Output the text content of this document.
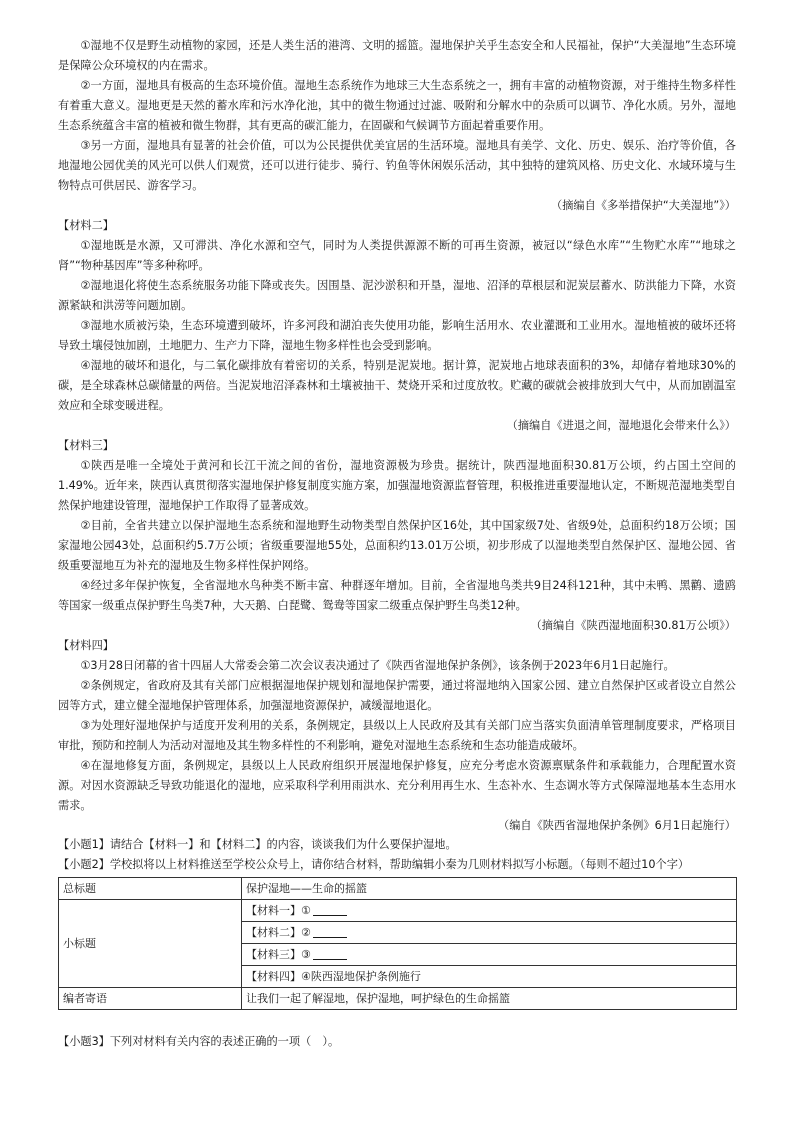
①湿地不仅是野生动植物的家园，还是人类生活的港湾、文明的摇篮。湿地保护关乎生态安全和人民福祉，保护“大美湿地”生态环境是保障公众环境权的内在需求。

②一方面，湿地具有极高的生态环境价值。湿地生态系统作为地球三大生态系统之一，拥有丰富的动植物资源，对于维持生物多样性有着重大意义。湿地更是天然的蓄水库和污水净化池，其中的微生物通过过滤、吸附和分解水中的杂质可以调节、净化水质。另外，湿地生态系统蕴含丰富的植被和微生物群，其有更高的碳汇能力，在固碳和气候调节方面起着重要作用。

③另一方面，湿地具有显著的社会价值，可以为公民提供优美宜居的生活环境。湿地具有美学、文化、历史、娱乐、治疗等价值，各地湿地公园优美的风光可以供人们观赏，还可以进行徒步、骑行、钓鱼等休闲娱乐活动，其中独特的建筑风格、历史文化、水域环境与生物特点可供居民、游客学习。

（摘编自《多举措保护“大美湿地”》）

【材料二】

①湿地既是水源，又可滞洪、净化水源和空气，同时为人类提供源源不断的可再生资源，被冠以“绿色水库”“生物贮水库”“地球之肾”“物种基因库”等多种称呼。

②湿地退化将使生态系统服务功能下降或丧失。因围垦、泥沙淤积和开垦，湿地、沼泽的草根层和泥炭层蓄水、防洪能力下降，水资源紧缺和洪涝等问题加剧。

③湿地水质被污染，生态环境遭到破坏，许多河段和湖泊丧失使用功能，影响生活用水、农业灌溉和工业用水。湿地植被的破坏还将导致土壤侵蚀加剧，土地肥力、生产力下降，湿地生物多样性也会受到影响。

④湿地的破坏和退化，与二氧化碳排放有着密切的关系，特别是泥炭地。据计算，泥炭地占地球表面积的3%，却储存着地球30%的碳，是全球森林总碳储量的两倍。当泥炭地沼泽森林和土壤被抽干、焚烧开采和过度放牧。贮藏的碳就会被排放到大气中，从而加剧温室效应和全球变暖进程。

（摘编自《进退之间，湿地退化会带来什么》）

【材料三】

①陕西是唯一全境处于黄河和长江干流之间的省份，湿地资源极为珍贵。据统计，陕西湿地面积30.81万公顷，约占国土空间的1.49%。近年来，陕西认真贯彻落实湿地保护修复制度实施方案，加强湿地资源监督管理，积极推进重要湿地认定，不断规范湿地类型自然保护地建设管理，湿地保护工作取得了显著成效。

②目前，全省共建立以保护湿地生态系统和湿地野生动物类型自然保护区16处，其中国家级7处、省级9处，总面积约18万公顷；国家湿地公园43处，总面积约5.7万公顷；省级重要湿地55处，总面积约13.01万公顷，初步形成了以湿地类型自然保护区、湿地公园、省级重要湿地互为补充的湿地及生物多样性保护网络。

④经过多年保护恢复，全省湿地水鸟种类不断丰富、种群逐年增加。目前，全省湿地鸟类共9目24科121种，其中未鸭、黑鹳、遗鸥等国家一级重点保护野生鸟类7种，大天鹅、白琵鹭、鸳鸯等国家二级重点保护野生鸟类12种。

（摘编自《陕西湿地面积30.81万公顷》）

【材料四】

①3月28日闭幕的省十四届人大常委会第二次会议表决通过了《陕西省湿地保护条例》，该条例于2023年6月1日起施行。

②条例规定，省政府及其有关部门应根据湿地保护规划和湿地保护需要，通过将湿地纳入国家公园、建立自然保护区或者设立自然公园等方式，建立健全湿地保护管理体系，加强湿地资源保护，减缓湿地退化。

③为处理好湿地保护与适度开发利用的关系，条例规定，县级以上人民政府及其有关部门应当落实负面清单管理制度要求，严格项目审批，预防和控制人为活动对湿地及其生物多样性的不利影响，避免对湿地生态系统和生态功能造成破坏。

④在湿地修复方面，条例规定，县级以上人民政府组织开展湿地保护修复，应充分考虑水资源禀赋条件和承载能力，合理配置水资源。对因水资源缺乏导致功能退化的湿地，应采取科学利用雨洪水、充分利用再生水、生态补水、生态调水等方式保障湿地基本生态用水需求。

（编自《陕西省湿地保护条例》6月1日起施行）

【小题1】请结合【材料一】和【材料二】的内容，谈谈我们为什么要保护湿地。

【小题2】学校拟将以上材料推送至学校公众号上，请你结合材料，帮助编辑小秦为几则材料拟写小标题。（每则不超过10个字）

总标题	保护湿地——生命的摇篮
小标题	【材料一】①
	【材料二】②
	【材料三】③
	【材料四】④陕西湿地保护条例施行
编者寄语	让我们一起了解湿地，保护湿地，呵护绿色的生命摇篮

【小题3】下列对材料有关内容的表述正确的一项（　）。
